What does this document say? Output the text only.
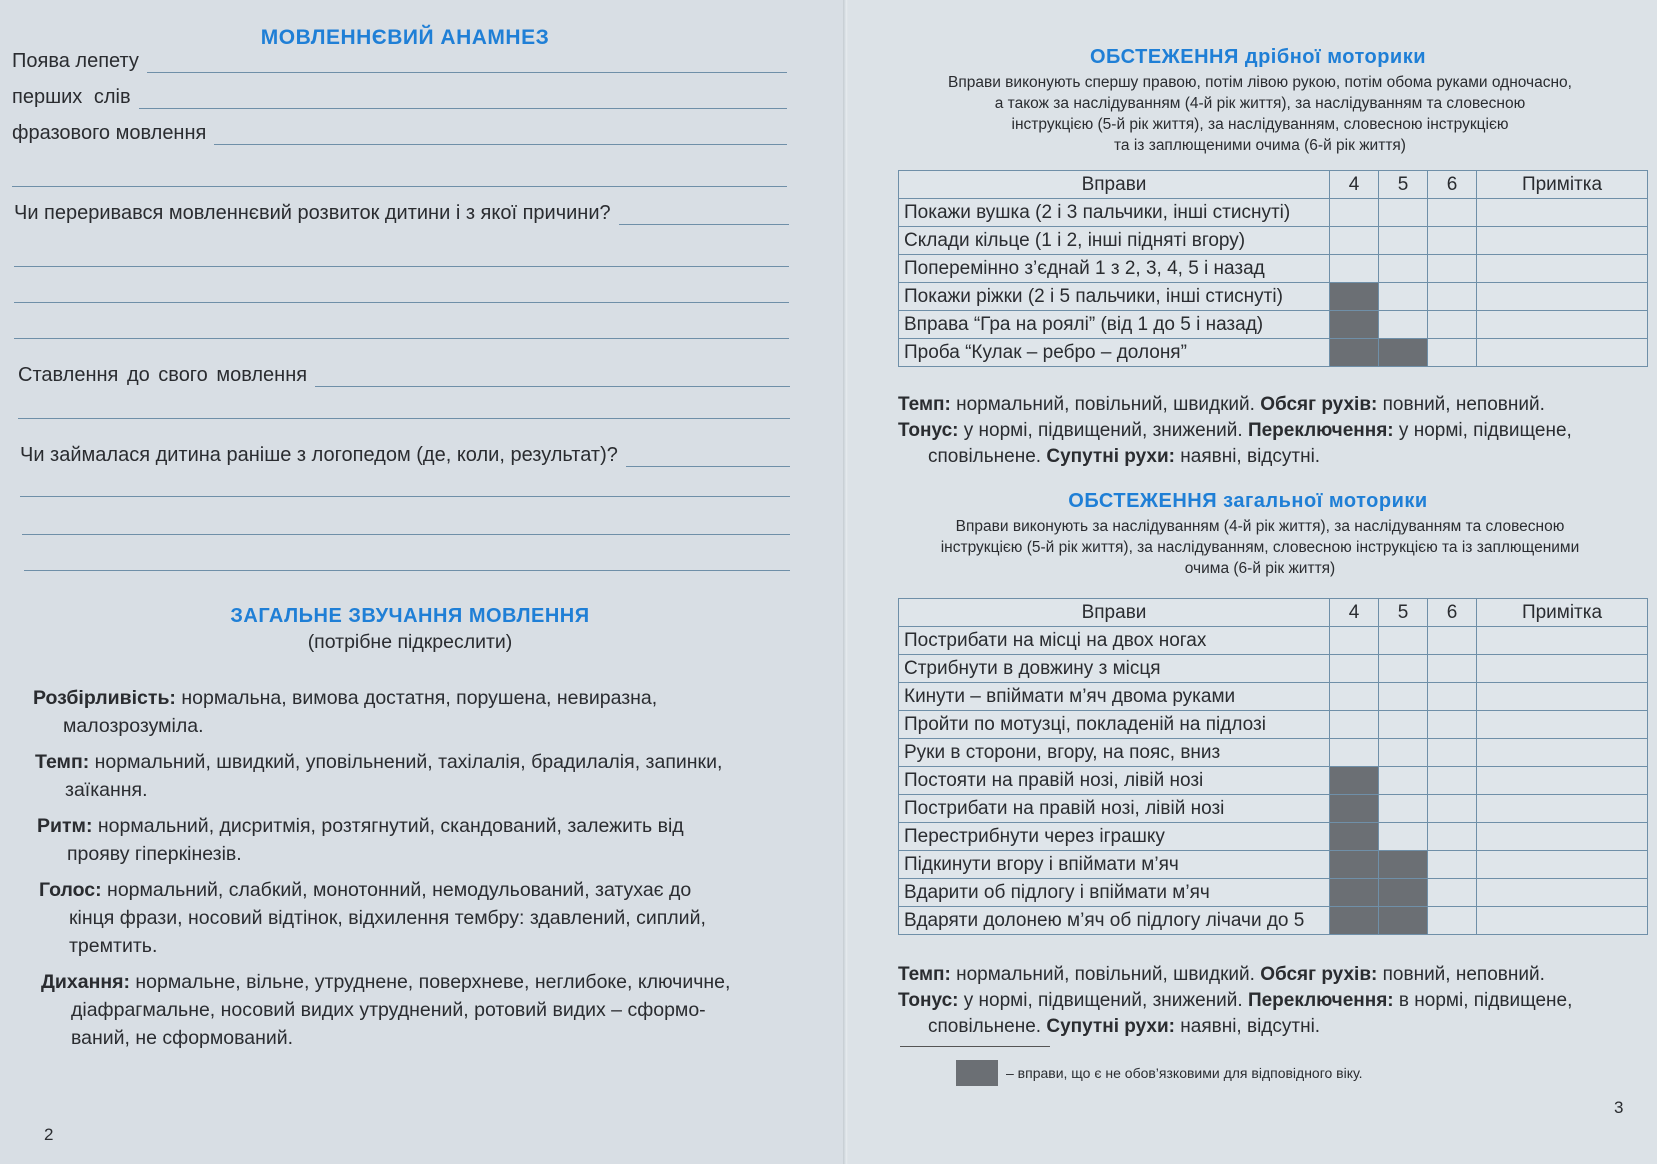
МОВЛЕННЄВИЙ АНАМНЕЗ
Поява лепету
перших слів
фразового мовлення
Чи переривався мовленнєвий розвиток дитини і з якої причини?
Ставлення до свого мовлення
Чи займалася дитина раніше з логопедом (де, коли, результат)?
ЗАГАЛЬНЕ ЗВУЧАННЯ МОВЛЕННЯ
(потрібне підкреслити)
Розбірливість: нормальна, вимова достатня, порушена, невиразна,
малозрозуміла.
Темп: нормальний, швидкий, уповільнений, тахілалія, брадилалія, запинки,
заїкання.
Ритм: нормальний, дисритмія, розтягнутий, скандований, залежить від
прояву гіперкінезів.
Голос: нормальний, слабкий, монотонний, немодульований, затухає до
кінця фрази, носовий відтінок, відхилення тембру: здавлений, сиплий,
тремтить.
Дихання: нормальне, вільне, утруднене, поверхневе, неглибоке, ключичне,
діафрагмальне, носовий видих утруднений, ротовий видих – сформо-
ваний, не сформований.
2
ОБСТЕЖЕННЯ дрібної моторики
Вправи виконують спершу правою, потім лівою рукою, потім обома руками одночасно,
а також за наслідуванням (4-й рік життя), за наслідуванням та словесною
інструкцією (5-й рік життя), за наслідуванням, словесною інструкцією
та із заплющеними очима (6-й рік життя)
Вправи	4	5	6	Примітка
Покажи вушка (2 і 3 пальчики, інші стиснуті)				
Склади кільце (1 і 2, інші підняті вгору)				
Поперемінно з’єднай 1 з 2, 3, 4, 5 і назад				
Покажи ріжки (2 і 5 пальчики, інші стиснуті)				
Вправа “Гра на роялі” (від 1 до 5 і назад)				
Проба “Кулак – ребро – долоня”				
Темп: нормальний, повільний, швидкий. Обсяг рухів: повний, неповний.
Тонус: у нормі, підвищений, знижений. Переключення: у нормі, підвищене,
сповільнене. Супутні рухи: наявні, відсутні.
ОБСТЕЖЕННЯ загальної моторики
Вправи виконують за наслідуванням (4-й рік життя), за наслідуванням та словесною
інструкцією (5-й рік життя), за наслідуванням, словесною інструкцією та із заплющеними
очима (6-й рік життя)
Вправи	4	5	6	Примітка
Пострибати на місці на двох ногах				
Стрибнути в довжину з місця				
Кинути – впіймати м’яч двома руками				
Пройти по мотузці, покладеній на підлозі				
Руки в сторони, вгору, на пояс, вниз				
Постояти на правій нозі, лівій нозі				
Пострибати на правій нозі, лівій нозі				
Перестрибнути через іграшку				
Підкинути вгору і впіймати м’яч				
Вдарити об підлогу і впіймати м’яч				
Вдаряти долонею м’яч об підлогу лічачи до 5				
Темп: нормальний, повільний, швидкий. Обсяг рухів: повний, неповний.
Тонус: у нормі, підвищений, знижений. Переключення: в нормі, підвищене,
сповільнене. Супутні рухи: наявні, відсутні.
– вправи, що є не обов’язковими для відповідного віку.
3
